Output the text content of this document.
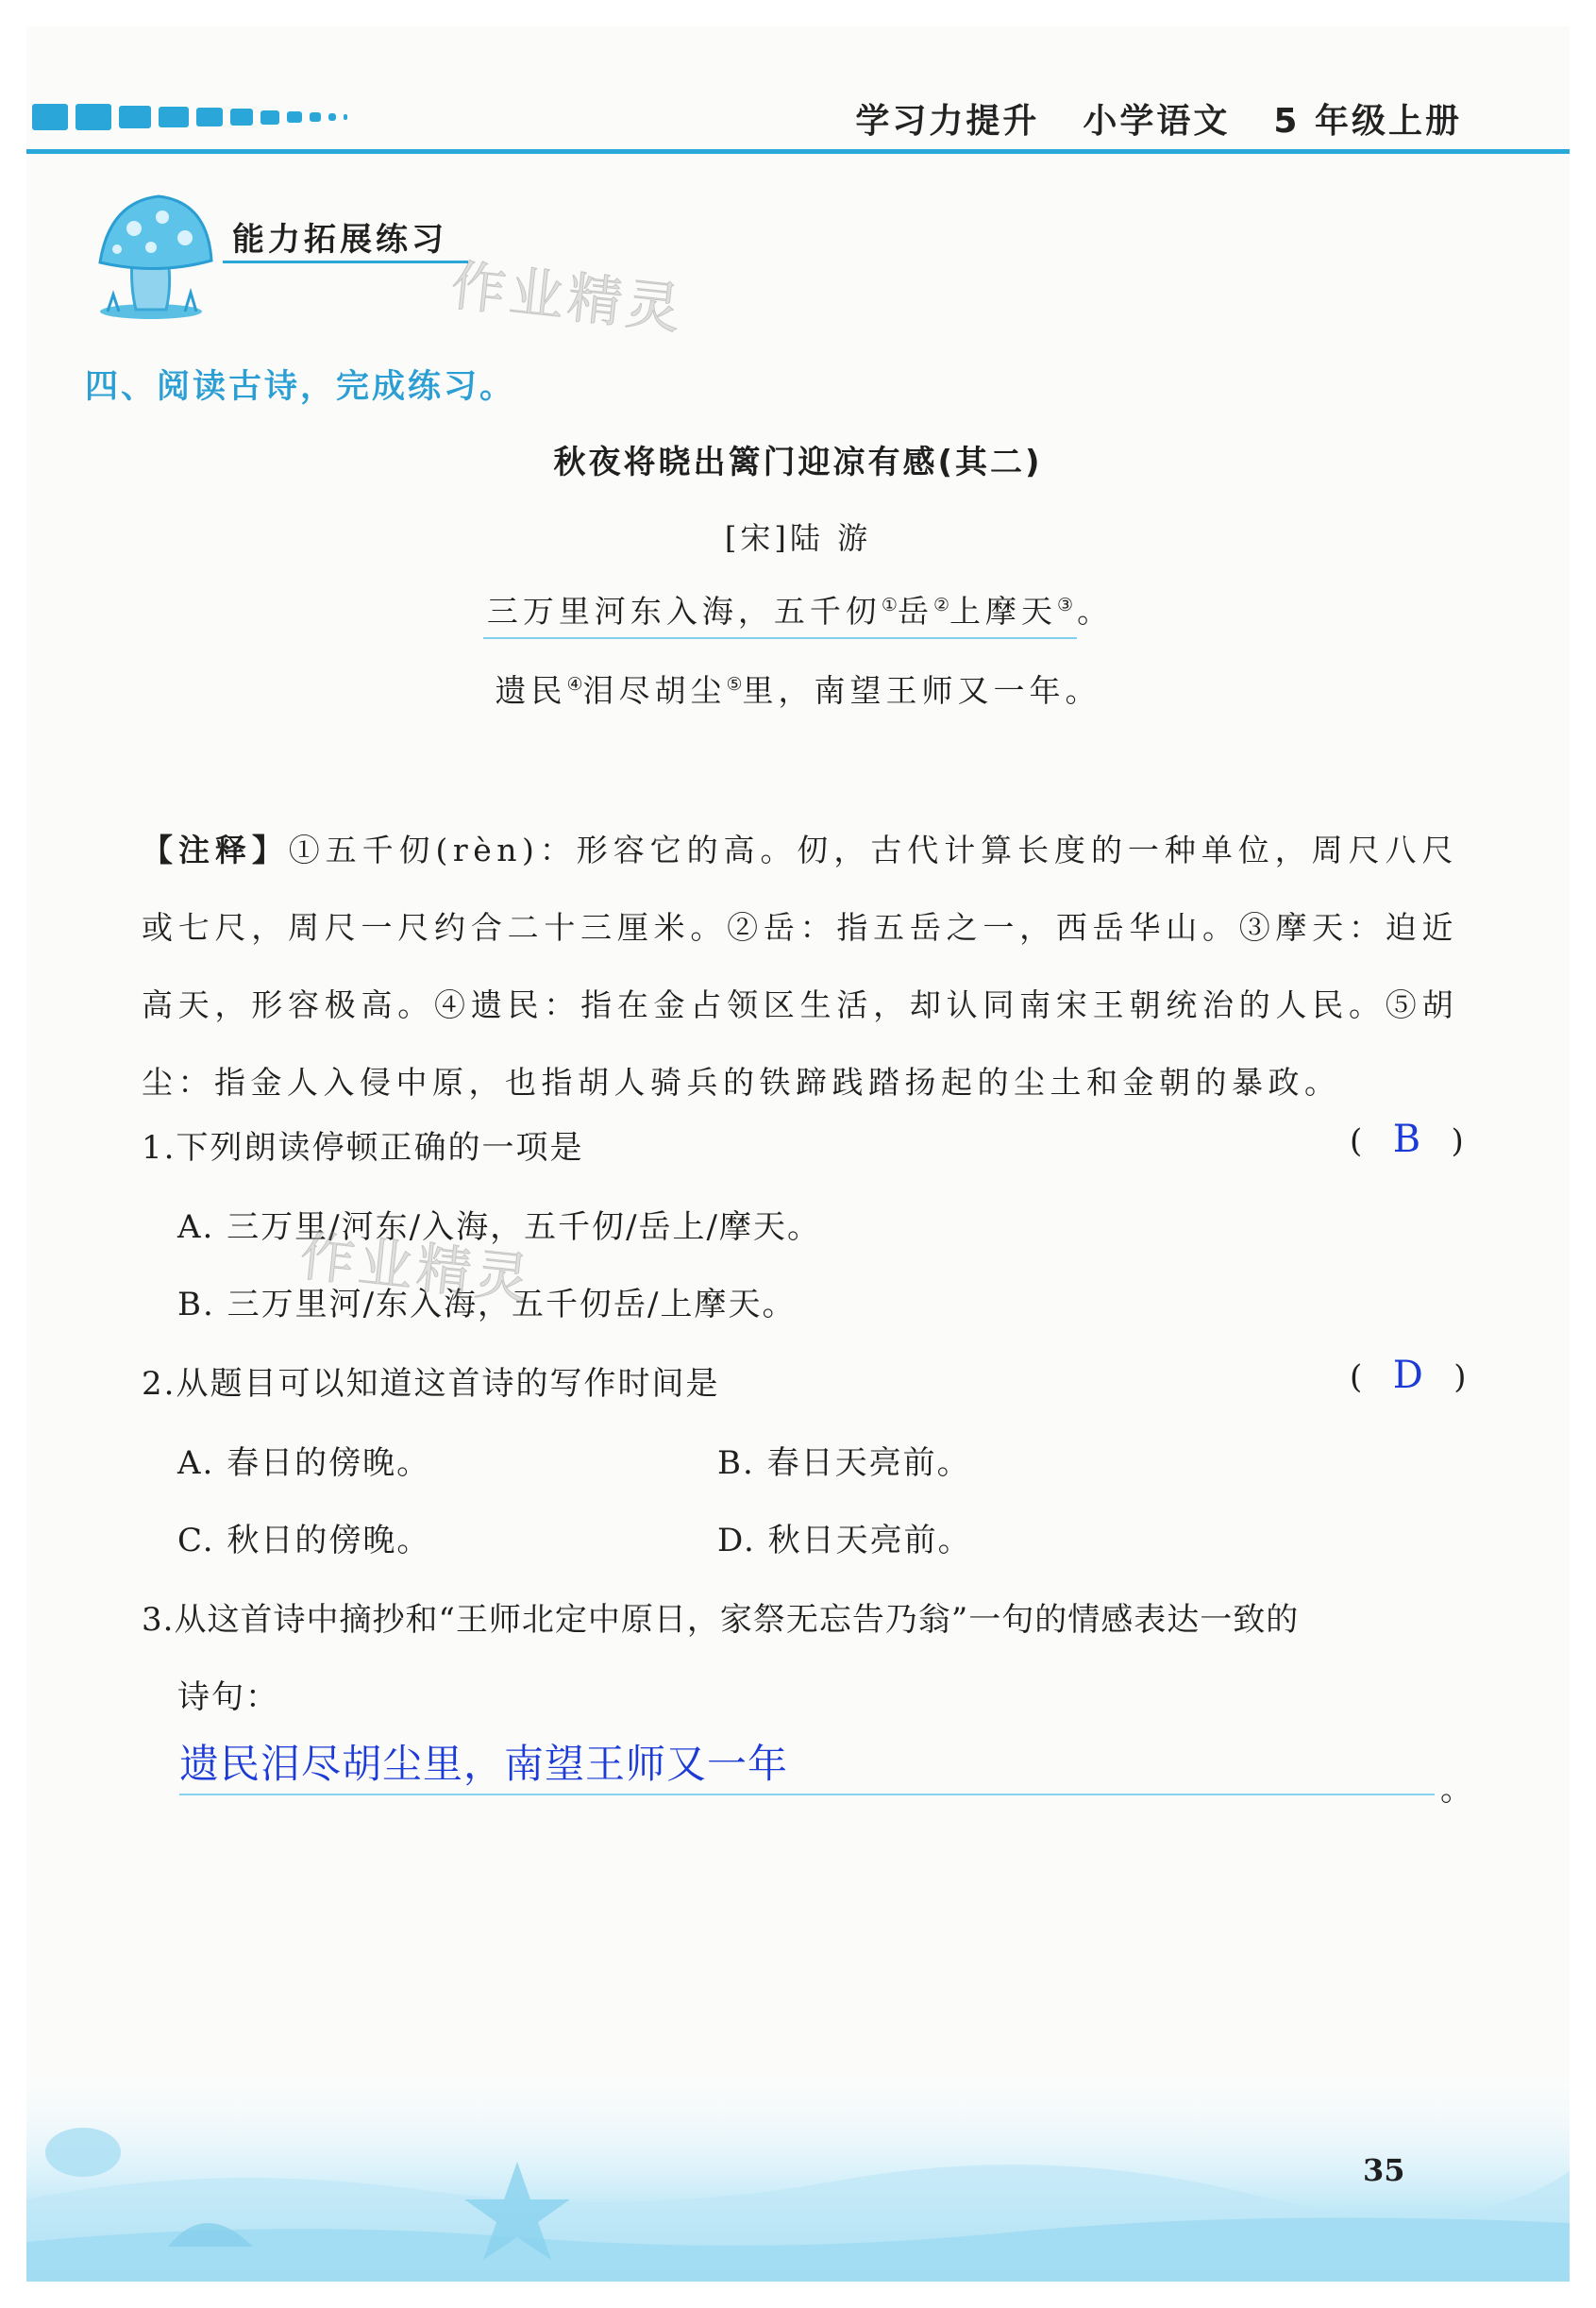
学习力提升 小学语文 5 年级上册
能力拓展练习
作业精灵
四、阅读古诗，完成练习。
秋夜将晓出篱门迎凉有感(其二)
[宋]陆 游
三万里河东入海，五千仞①岳②上摩天③ 。
遗民④泪尽胡尘⑤里，南望王师又一年。
【注释】①五千仞(rèn)：形容它的高。仞，古代计算长度的一种单位，周尺八尺或七尺，周尺一尺约合二十三厘米。②岳：指五岳之一，西岳华山。③摩天：迫近高天，形容极高。④遗民：指在金占领区生活，却认同南宋王朝统治的人民。⑤胡尘：指金人入侵中原，也指胡人骑兵的铁蹄践踏扬起的尘土和金朝的暴政。
1.下列朗读停顿正确的一项是	( B )
A. 三万里/河东/入海，五千仞/岳上/摩天。
B. 三万里河/东入海，五千仞岳/上摩天。
作业精灵
2.从题目可以知道这首诗的写作时间是	( D )
A. 春日的傍晚。	B. 春日天亮前。
C. 秋日的傍晚。	D. 秋日天亮前。
3.从这首诗中摘抄和“王师北定中原日，家祭无忘告乃翁”一句的情感表达一致的
诗句：
遗民泪尽胡尘里，南望王师又一年
。
35
